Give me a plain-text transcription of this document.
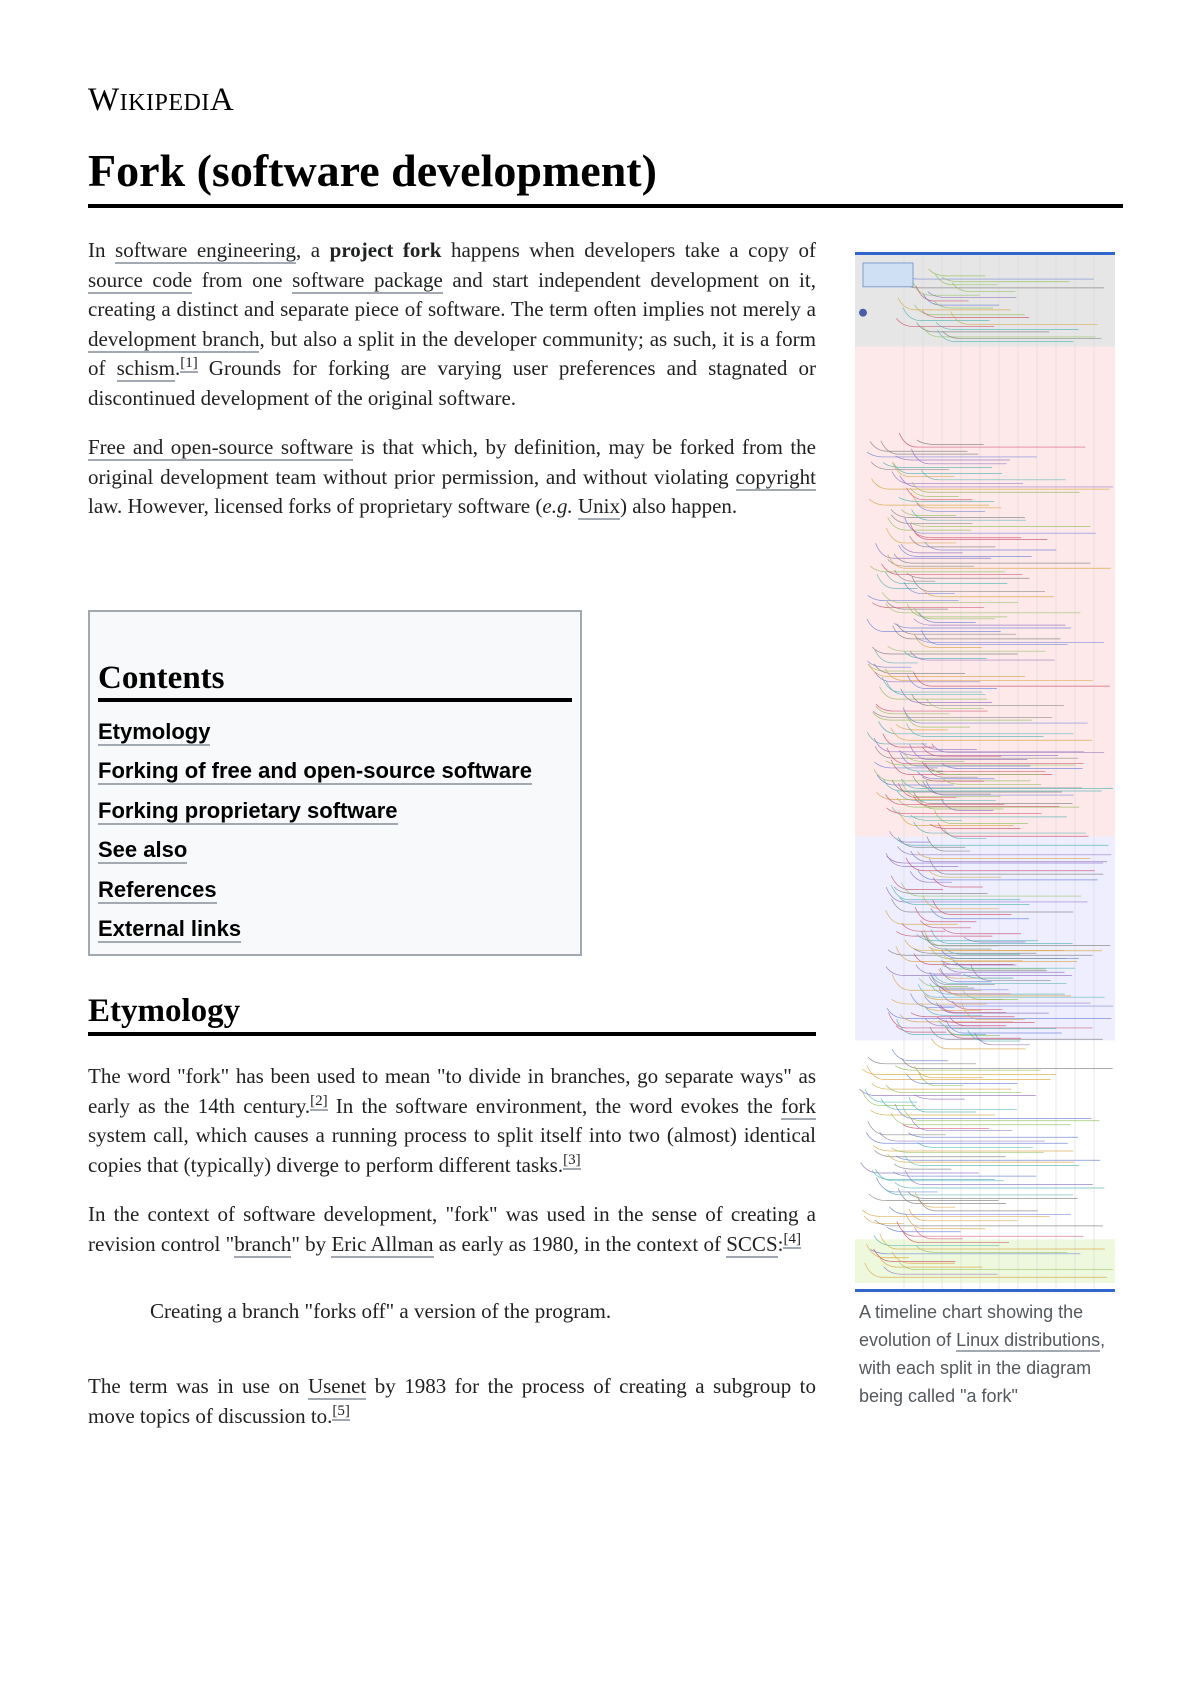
WIKIPEDIA
Fork (software development)

In software engineering, a project fork happens when developers take a copy of source code from one software package and start independent development on it, creating a distinct and separate piece of software. The term often implies not merely a development branch, but also a split in the developer community; as such, it is a form of schism.[1] Grounds for forking are varying user preferences and stagnated or discontinued development of the original software.

Free and open-source software is that which, by definition, may be forked from the original development team without prior permission, and without violating copyright law. However, licensed forks of proprietary software (e.g. Unix) also happen.

Contents
Etymology
Forking of free and open-source software
Forking proprietary software
See also
References
External links
Etymology

The word "fork" has been used to mean "to divide in branches, go separate ways" as early as the 14th century.[2] In the software environment, the word evokes the fork system call, which causes a running process to split itself into two (almost) identical copies that (typically) diverge to perform different tasks.[3]

In the context of software development, "fork" was used in the sense of creating a revision control "branch" by Eric Allman as early as 1980, in the context of SCCS:[4]

Creating a branch "forks off" a version of the program.

The term was in use on Usenet by 1983 for the process of creating a subgroup to move topics of discussion to.[5]

A timeline chart showing the evolution of Linux distributions, with each split in the diagram being called "a fork"
